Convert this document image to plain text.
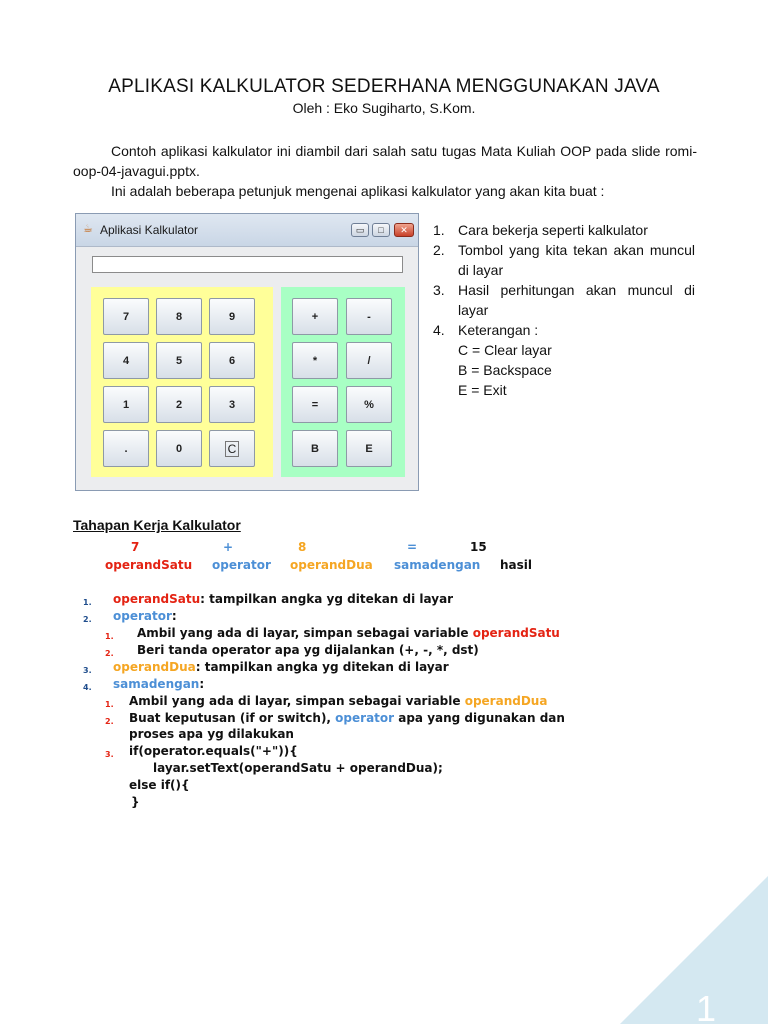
APLIKASI KALKULATOR SEDERHANA MENGGUNAKAN JAVA
Oleh : Eko Sugiharto, S.Kom.
Contoh aplikasi kalkulator ini diambil dari salah satu tugas Mata Kuliah OOP pada slide romi-oop-04-javagui.pptx.
Ini adalah beberapa petunjuk mengenai aplikasi kalkulator yang akan kita buat :
☕ Aplikasi Kalkulator	▭	□	✕
7	8	9
4	5	6
1	2	3
.	0	C
+	-
*	/
=	%
B	E
1. Cara bekerja seperti kalkulator
2. Tombol yang kita tekan akan muncul di layar
3. Hasil perhitungan akan muncul di layar
4. Keterangan :
C = Clear layar
B = Backspace
E = Exit
Tahapan Kerja Kalkulator
7	+	8	=	15
operandSatu operator operandDua samadengan hasil
1. operandSatu: tampilkan angka yg ditekan di layar
2. operator:
1. Ambil yang ada di layar, simpan sebagai variable operandSatu
2. Beri tanda operator apa yg dijalankan (+, -, *, dst)
3. operandDua: tampilkan angka yg ditekan di layar
4. samadengan:
1. Ambil yang ada di layar, simpan sebagai variable operandDua
2. Buat keputusan (if or switch), operator apa yang digunakan dan
proses apa yg dilakukan
3. if(operator.equals("+")){
layar.setText(operandSatu + operandDua);
else if(){
}
1
